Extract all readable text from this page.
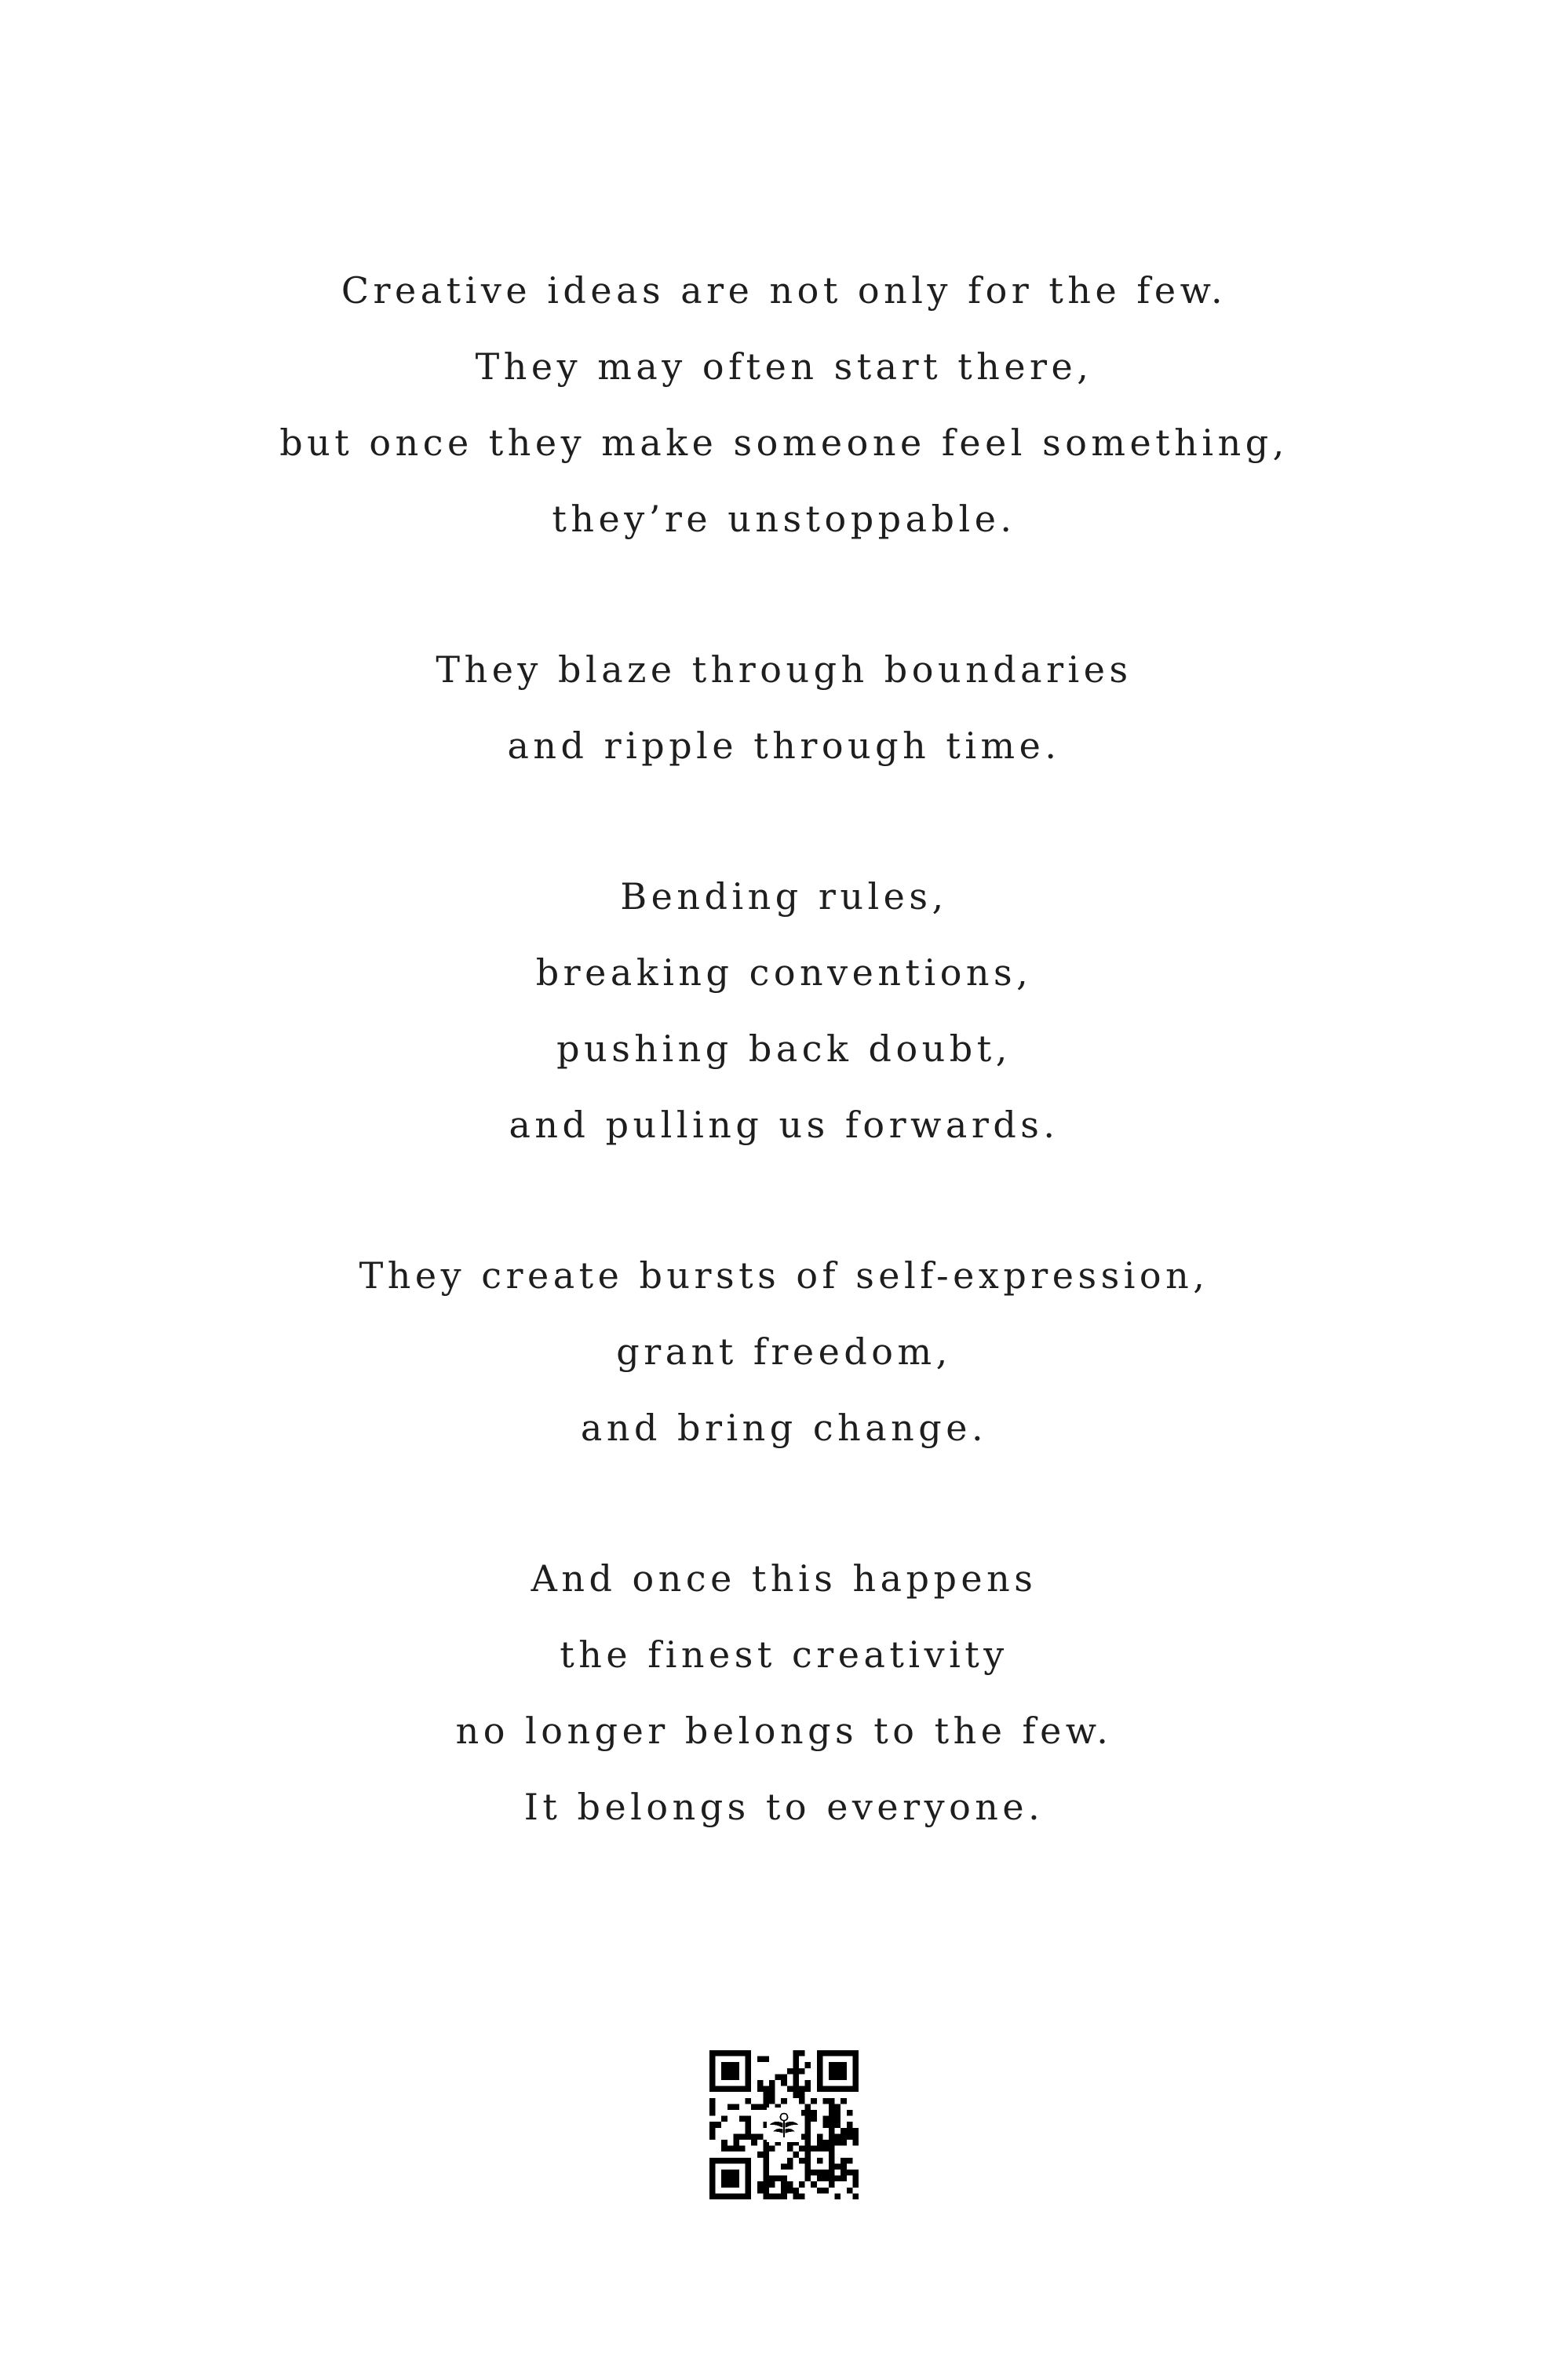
Creative ideas are not only for the few.
They may often start there,
but once they make someone feel something,
they’re unstoppable.

They blaze through boundaries
and ripple through time.

Bending rules,
breaking conventions,
pushing back doubt,
and pulling us forwards.

They create bursts of self-expression,
grant freedom,
and bring change.

And once this happens
the finest creativity
no longer belongs to the few.
It belongs to everyone.
